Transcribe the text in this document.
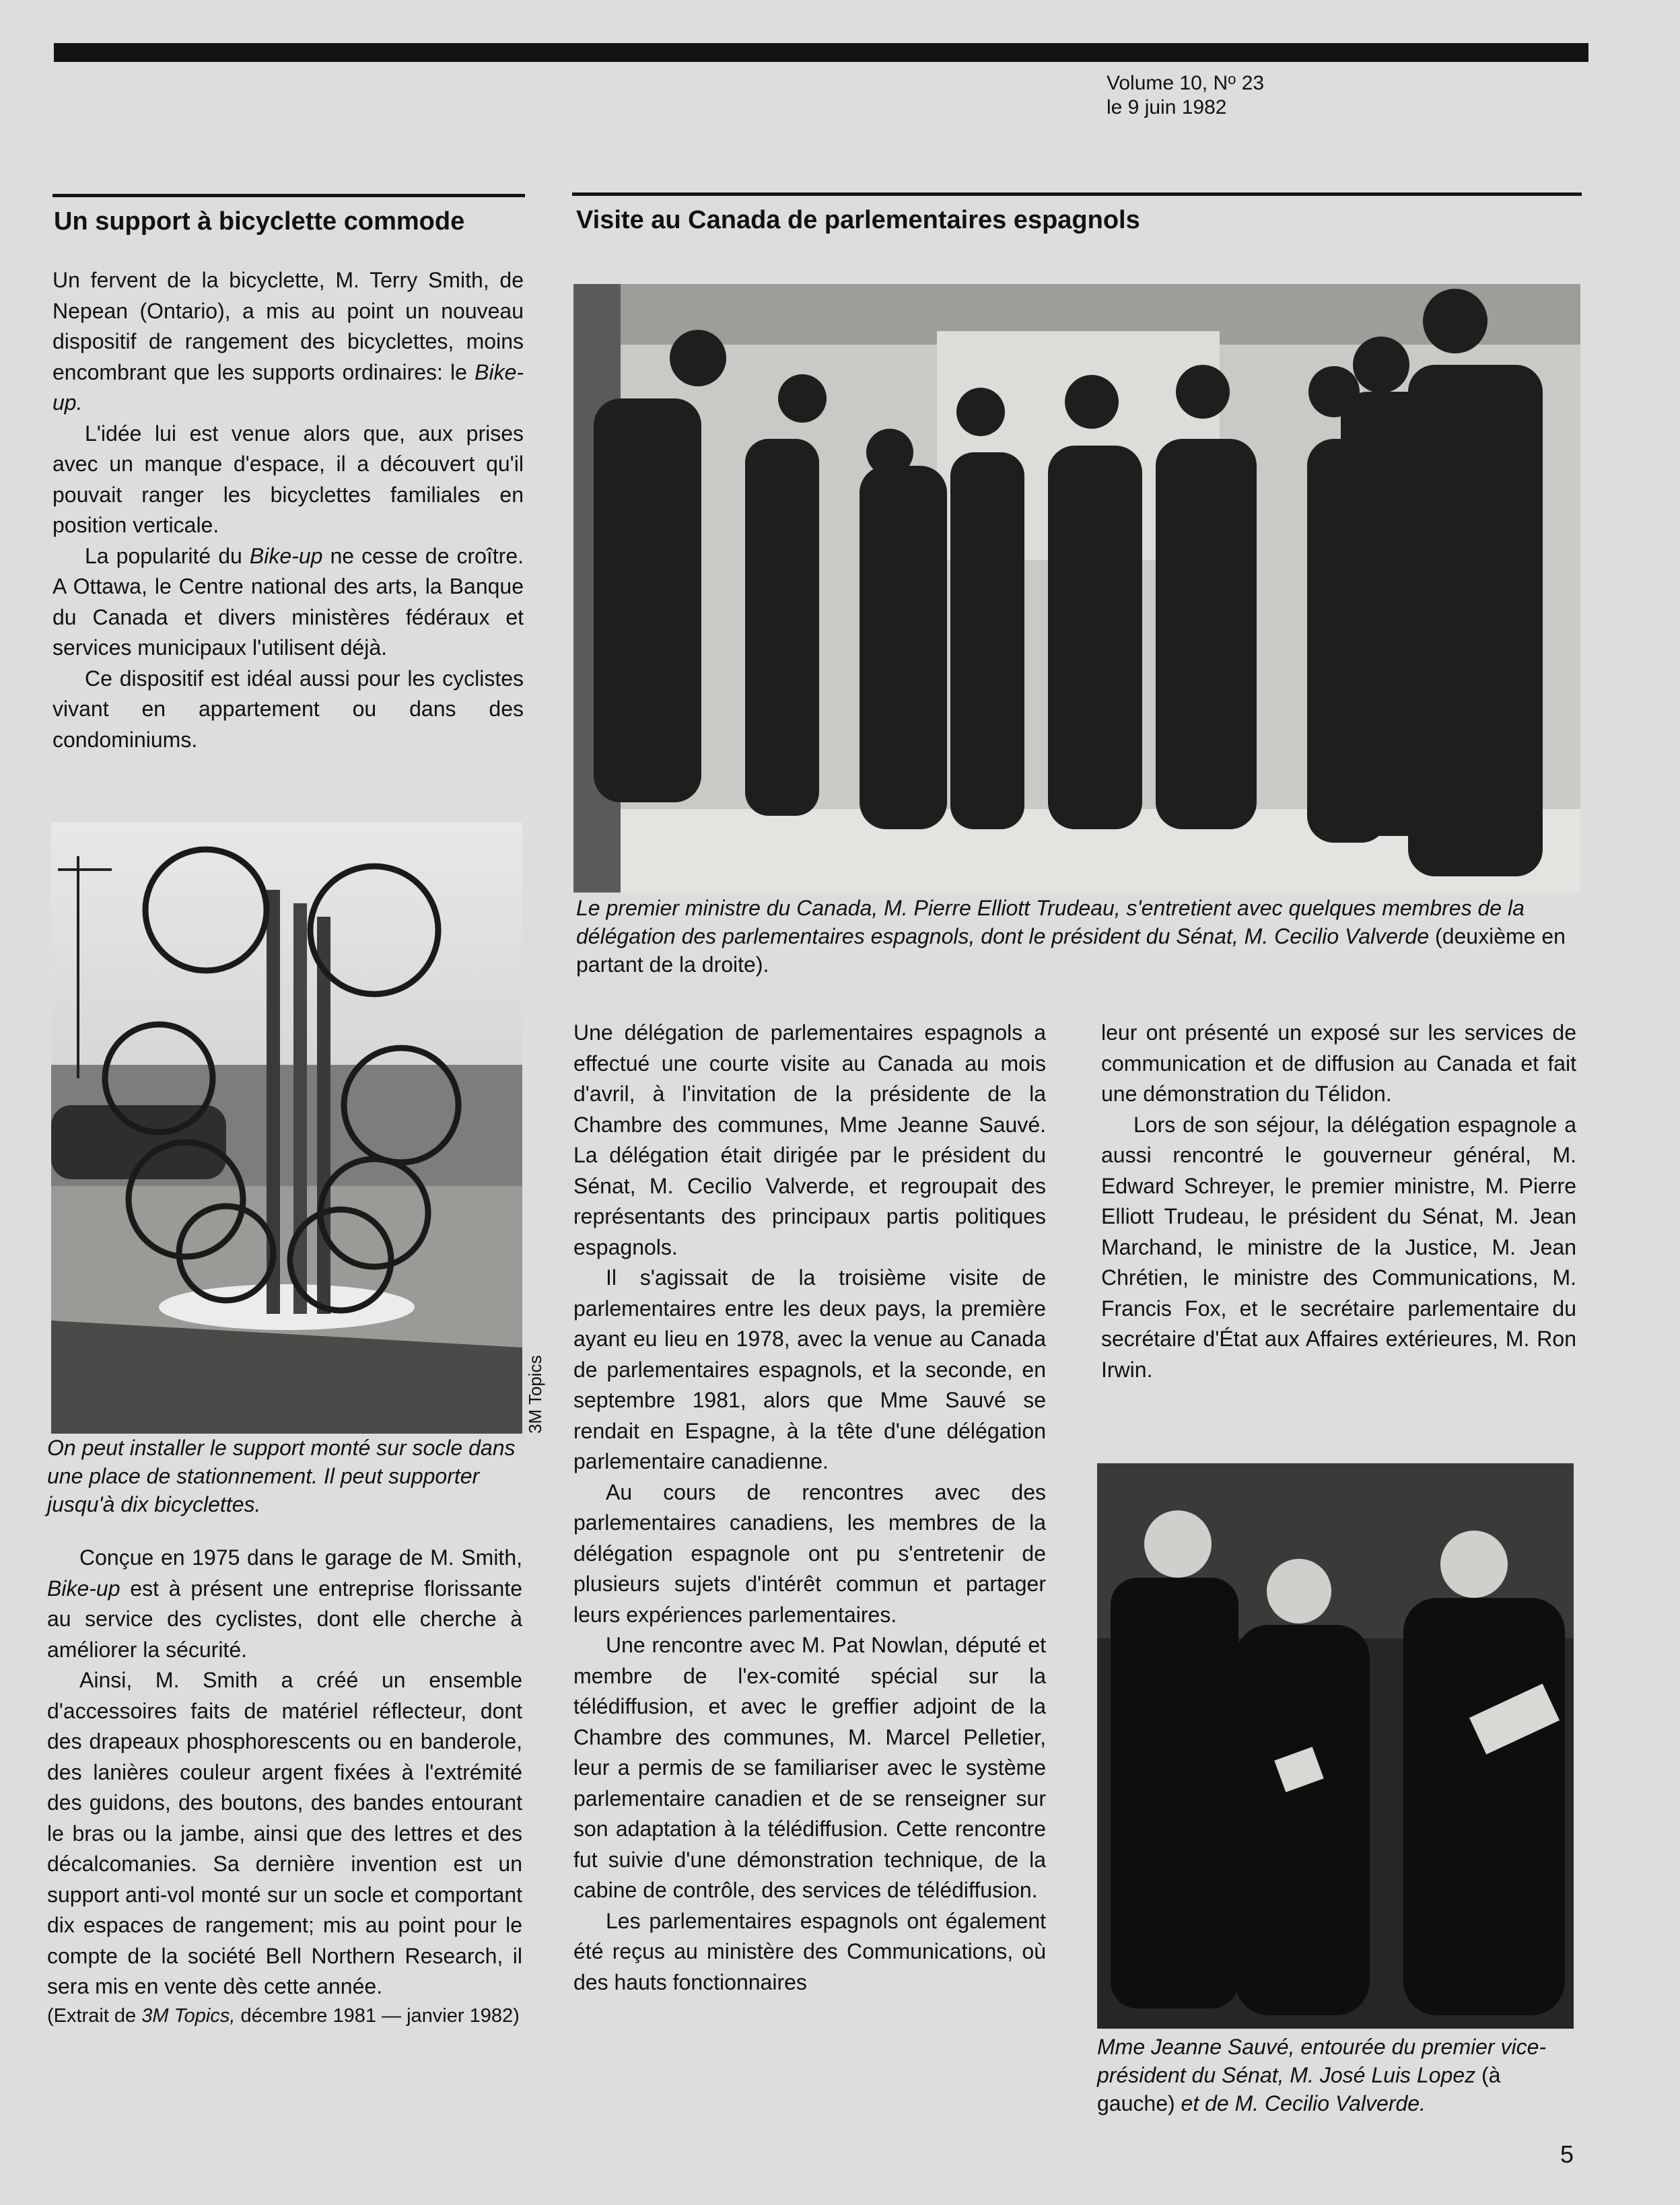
Volume 10, $N^o$ 23
le 9 juin 1982
Un support à bicyclette commode

Un fervent de la bicyclette, M. Terry Smith, de Nepean (Ontario), a mis au point un nouveau dispositif de rangement des bicyclettes, moins encombrant que les supports ordinaires: le Bike-up.

L'idée lui est venue alors que, aux prises avec un manque d'espace, il a découvert qu'il pouvait ranger les bicyclettes familiales en position verticale.

La popularité du Bike-up ne cesse de croître. A Ottawa, le Centre national des arts, la Banque du Canada et divers ministères fédéraux et services municipaux l'utilisent déjà.

Ce dispositif est idéal aussi pour les cyclistes vivant en appartement ou dans des condominiums.

3M Topics
On peut installer le support monté sur socle dans une place de stationnement. Il peut supporter jusqu'à dix bicyclettes.

Conçue en 1975 dans le garage de M. Smith, Bike-up est à présent une entreprise florissante au service des cyclistes, dont elle cherche à améliorer la sécurité.

Ainsi, M. Smith a créé un ensemble d'accessoires faits de matériel réflecteur, dont des drapeaux phosphorescents ou en banderole, des lanières couleur argent fixées à l'extrémité des guidons, des boutons, des bandes entourant le bras ou la jambe, ainsi que des lettres et des décalcomanies. Sa dernière invention est un support anti-vol monté sur un socle et comportant dix espaces de rangement; mis au point pour le compte de la société Bell Northern Research, il sera mis en vente dès cette année.

(Extrait de 3M Topics, décembre 1981 — janvier 1982)

Visite au Canada de parlementaires espagnols
Le premier ministre du Canada, M. Pierre Elliott Trudeau, s'entretient avec quelques membres de la délégation des parlementaires espagnols, dont le président du Sénat, M. Cecilio Valverde (deuxième en partant de la droite).

Une délégation de parlementaires espagnols a effectué une courte visite au Canada au mois d'avril, à l'invitation de la présidente de la Chambre des communes, Mme Jeanne Sauvé. La délégation était dirigée par le président du Sénat, M. Cecilio Valverde, et regroupait des représentants des principaux partis politiques espagnols.

Il s'agissait de la troisième visite de parlementaires entre les deux pays, la première ayant eu lieu en 1978, avec la venue au Canada de parlementaires espagnols, et la seconde, en septembre 1981, alors que Mme Sauvé se rendait en Espagne, à la tête d'une délégation parlementaire canadienne.

Au cours de rencontres avec des parlementaires canadiens, les membres de la délégation espagnole ont pu s'entretenir de plusieurs sujets d'intérêt commun et partager leurs expériences parlementaires.

Une rencontre avec M. Pat Nowlan, député et membre de l'ex-comité spécial sur la télédiffusion, et avec le greffier adjoint de la Chambre des communes, M. Marcel Pelletier, leur a permis de se familiariser avec le système parlementaire canadien et de se renseigner sur son adaptation à la télédiffusion. Cette rencontre fut suivie d'une démonstration technique, de la cabine de contrôle, des services de télédiffusion.

Les parlementaires espagnols ont également été reçus au ministère des Communications, où des hauts fonctionnaires

leur ont présenté un exposé sur les services de communication et de diffusion au Canada et fait une démonstration du Télidon.

Lors de son séjour, la délégation espagnole a aussi rencontré le gouverneur général, M. Edward Schreyer, le premier ministre, M. Pierre Elliott Trudeau, le président du Sénat, M. Jean Marchand, le ministre de la Justice, M. Jean Chrétien, le ministre des Communications, M. Francis Fox, et le secrétaire parlementaire du secrétaire d'État aux Affaires extérieures, M. Ron Irwin.

Mme Jeanne Sauvé, entourée du premier vice-président du Sénat, M. José Luis Lopez (à gauche) et de M. Cecilio Valverde.
5
